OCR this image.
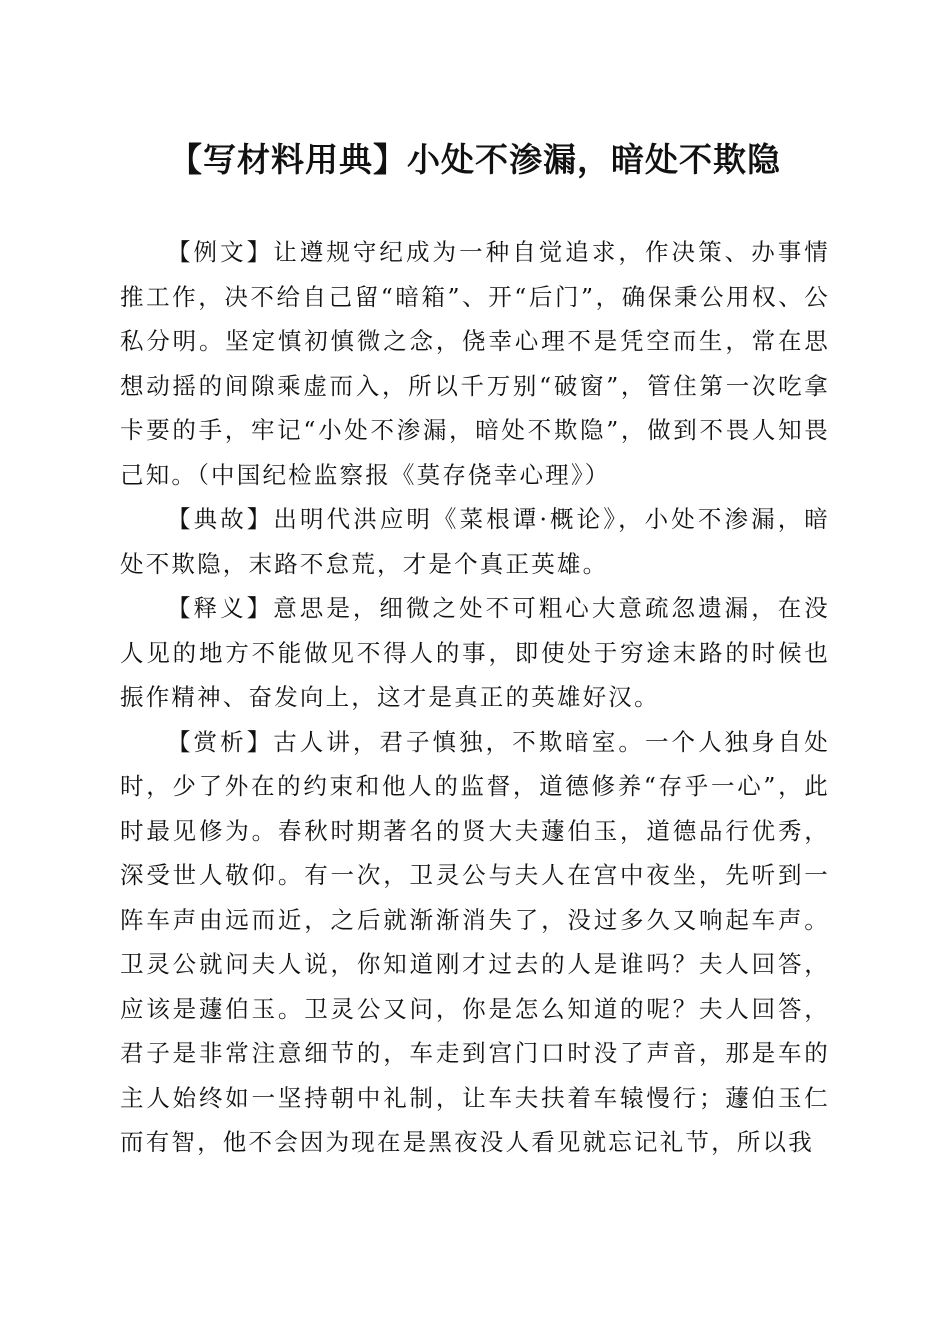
【写材料用典】小处不渗漏，暗处不欺隐

【例文】让遵规守纪成为一种自觉追求，作决策、办事情推工作，决不给自己留“暗箱”、开“后门”，确保秉公用权、公私分明。坚定慎初慎微之念，侥幸心理不是凭空而生，常在思想动摇的间隙乘虚而入，所以千万别“破窗”，管住第一次吃拿卡要的手，牢记“小处不渗漏，暗处不欺隐”，做到不畏人知畏己知。（中国纪检监察报《莫存侥幸心理》）

【典故】出明代洪应明《菜根谭·概论》，小处不渗漏，暗处不欺隐，末路不怠荒，才是个真正英雄。

【释义】意思是，细微之处不可粗心大意疏忽遗漏，在没人见的地方不能做见不得人的事，即使处于穷途末路的时候也振作精神、奋发向上，这才是真正的英雄好汉。

【赏析】古人讲，君子慎独，不欺暗室。一个人独身自处时，少了外在的约束和他人的监督，道德修养“存乎一心”，此时最见修为。春秋时期著名的贤大夫蘧伯玉，道德品行优秀，深受世人敬仰。有一次，卫灵公与夫人在宫中夜坐，先听到一阵车声由远而近，之后就渐渐消失了，没过多久又响起车声。卫灵公就问夫人说，你知道刚才过去的人是谁吗？夫人回答，应该是蘧伯玉。卫灵公又问，你是怎么知道的呢？夫人回答，君子是非常注意细节的，车走到宫门口时没了声音，那是车的主人始终如一坚持朝中礼制，让车夫扶着车辕慢行；蘧伯玉仁而有智，他不会因为现在是黑夜没人看见就忘记礼节，所以我
